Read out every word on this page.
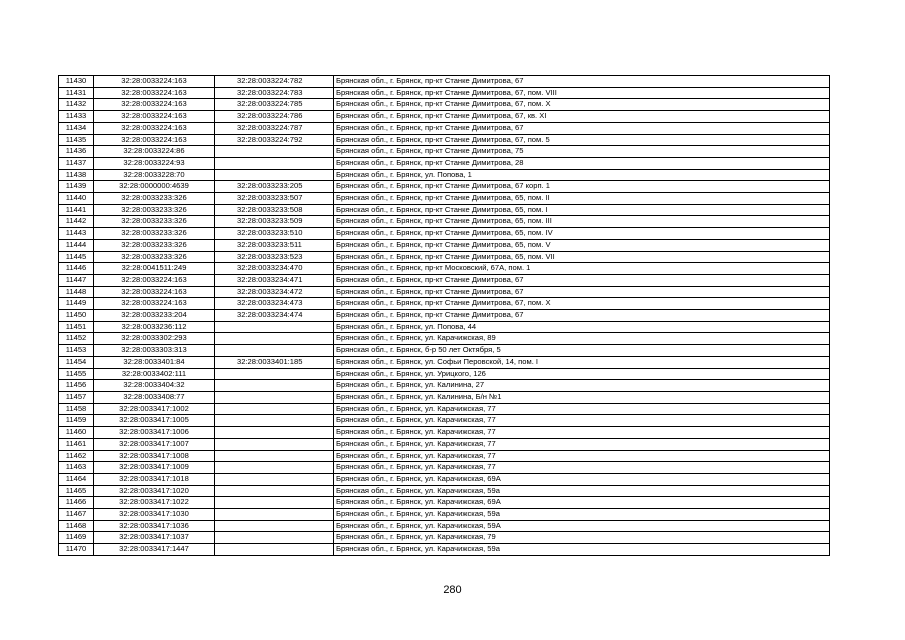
11430	32:28:0033224:163	32:28:0033224:782	Брянская обл., г. Брянск, пр-кт Станке Димитрова, 67
11431	32:28:0033224:163	32:28:0033224:783	Брянская обл., г. Брянск, пр-кт Станке Димитрова, 67, пом. VIII
11432	32:28:0033224:163	32:28:0033224:785	Брянская обл., г. Брянск, пр-кт Станке Димитрова, 67, пом. X
11433	32:28:0033224:163	32:28:0033224:786	Брянская обл., г. Брянск, пр-кт Станке Димитрова, 67, кв. XI
11434	32:28:0033224:163	32:28:0033224:787	Брянская обл., г. Брянск, пр-кт Станке Димитрова, 67
11435	32:28:0033224:163	32:28:0033224:792	Брянская обл., г. Брянск, пр-кт Станке Димитрова, 67, пом. 5
11436	32:28:0033224:86		Брянская обл., г. Брянск, пр-кт Станке Димитрова, 75
11437	32:28:0033224:93		Брянская обл., г. Брянск, пр-кт Станке Димитрова, 28
11438	32:28:0033228:70		Брянская обл., г. Брянск, ул. Попова, 1
11439	32:28:0000000:4639	32:28:0033233:205	Брянская обл., г. Брянск, пр-кт Станке Димитрова, 67 корп. 1
11440	32:28:0033233:326	32:28:0033233:507	Брянская обл., г. Брянск, пр-кт Станке Димитрова, 65, пом. II
11441	32:28:0033233:326	32:28:0033233:508	Брянская обл., г. Брянск, пр-кт Станке Димитрова, 65, пом. I
11442	32:28:0033233:326	32:28:0033233:509	Брянская обл., г. Брянск, пр-кт Станке Димитрова, 65, пом. III
11443	32:28:0033233:326	32:28:0033233:510	Брянская обл., г. Брянск, пр-кт Станке Димитрова, 65, пом. IV
11444	32:28:0033233:326	32:28:0033233:511	Брянская обл., г. Брянск, пр-кт Станке Димитрова, 65, пом. V
11445	32:28:0033233:326	32:28:0033233:523	Брянская обл., г. Брянск, пр-кт Станке Димитрова, 65, пом. VII
11446	32:28:0041511:249	32:28:0033234:470	Брянская обл., г. Брянск, пр-кт Московский, 67А, пом. 1
11447	32:28:0033224:163	32:28:0033234:471	Брянская обл., г. Брянск, пр-кт Станке Димитрова, 67
11448	32:28:0033224:163	32:28:0033234:472	Брянская обл., г. Брянск, пр-кт Станке Димитрова, 67
11449	32:28:0033224:163	32:28:0033234:473	Брянская обл., г. Брянск, пр-кт Станке Димитрова, 67, пом. X
11450	32:28:0033233:204	32:28:0033234:474	Брянская обл., г. Брянск, пр-кт Станке Димитрова, 67
11451	32:28:0033236:112		Брянская обл., г. Брянск, ул. Попова, 44
11452	32:28:0033302:293		Брянская обл., г. Брянск, ул. Карачижская, 89
11453	32:28:0033303:313		Брянская обл., г. Брянск, б-р 50 лет Октября, 5
11454	32:28:0033401:84	32:28:0033401:185	Брянская обл., г. Брянск, ул. Софьи Перовской, 14, пом. I
11455	32:28:0033402:111		Брянская обл., г. Брянск, ул. Урицкого, 126
11456	32:28:0033404:32		Брянская обл., г. Брянск, ул. Калинина, 27
11457	32:28:0033408:77		Брянская обл., г. Брянск, ул. Калинина, Б/н №1
11458	32:28:0033417:1002		Брянская обл., г. Брянск, ул. Карачижская, 77
11459	32:28:0033417:1005		Брянская обл., г. Брянск, ул. Карачижская, 77
11460	32:28:0033417:1006		Брянская обл., г. Брянск, ул. Карачижская, 77
11461	32:28:0033417:1007		Брянская обл., г. Брянск, ул. Карачижская, 77
11462	32:28:0033417:1008		Брянская обл., г. Брянск, ул. Карачижская, 77
11463	32:28:0033417:1009		Брянская обл., г. Брянск, ул. Карачижская, 77
11464	32:28:0033417:1018		Брянская обл., г. Брянск, ул. Карачижская, 69А
11465	32:28:0033417:1020		Брянская обл., г. Брянск, ул. Карачижская, 59а
11466	32:28:0033417:1022		Брянская обл., г. Брянск, ул. Карачижская, 69А
11467	32:28:0033417:1030		Брянская обл., г. Брянск, ул. Карачижская, 59а
11468	32:28:0033417:1036		Брянская обл., г. Брянск, ул. Карачижская, 59А
11469	32:28:0033417:1037		Брянская обл., г. Брянск, ул. Карачижская, 79
11470	32:28:0033417:1447		Брянская обл., г. Брянск, ул. Карачижская, 59а
280
